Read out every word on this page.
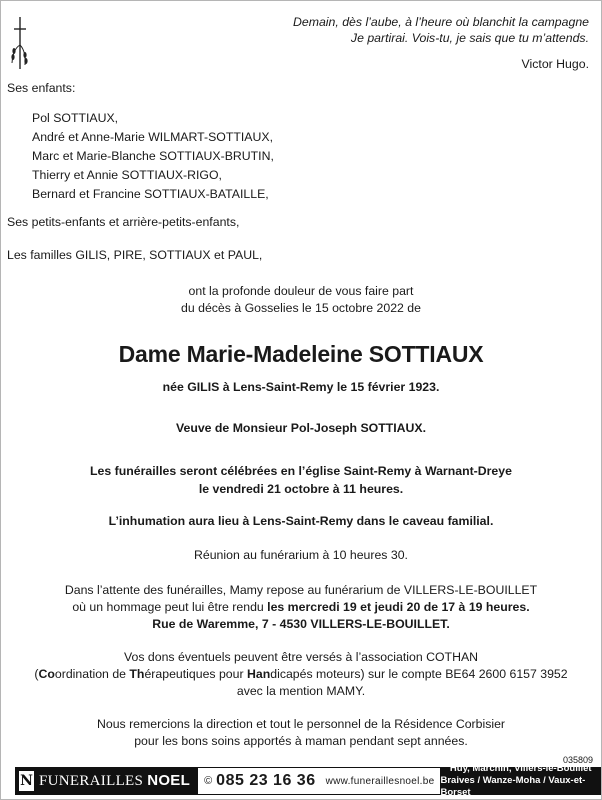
Demain, dès l’aube, à l’heure où blanchit la campagne
Je partirai. Vois-tu, je sais que tu m’attends.
Victor Hugo.
Ses enfants:
Pol SOTTIAUX,
André et Anne-Marie WILMART-SOTTIAUX,
Marc et Marie-Blanche SOTTIAUX-BRUTIN,
Thierry et Annie SOTTIAUX-RIGO,
Bernard et Francine SOTTIAUX-BATAILLE,
Ses petits-enfants et arrière-petits-enfants,
Les familles GILIS, PIRE, SOTTIAUX et PAUL,
ont la profonde douleur de vous faire part
du décès à Gosselies le 15 octobre 2022 de
Dame Marie-Madeleine SOTTIAUX
née GILIS à Lens-Saint-Remy le 15 février 1923.
Veuve de Monsieur Pol-Joseph SOTTIAUX.
Les funérailles seront célébrées en l’église Saint-Remy à Warnant-Dreye
le vendredi 21 octobre à 11 heures.
L’inhumation aura lieu à Lens-Saint-Remy dans le caveau familial.
Réunion au funérarium à 10 heures 30.
Dans l’attente des funérailles, Mamy repose au funérarium de VILLERS-LE-BOUILLET
où un hommage peut lui être rendu les mercredi 19 et jeudi 20 de 17 à 19 heures.
Rue de Waremme, 7 - 4530 VILLERS-LE-BOUILLET.
Vos dons éventuels peuvent être versés à l’association COTHAN
(Coordination de Thérapeutiques pour Handicapés moteurs) sur le compte BE64 2600 6157 3952
avec la mention MAMY.
Nous remercions la direction et tout le personnel de la Résidence Corbisier
pour les bons soins apportés à maman pendant sept années.
035809
N FUNERAILLES NOEL © 085 23 16 36 www.funeraillesnoel.be
Huy, Marchin, Villers-le-Bouillet
Braives / Wanze-Moha / Vaux-et-Borset
